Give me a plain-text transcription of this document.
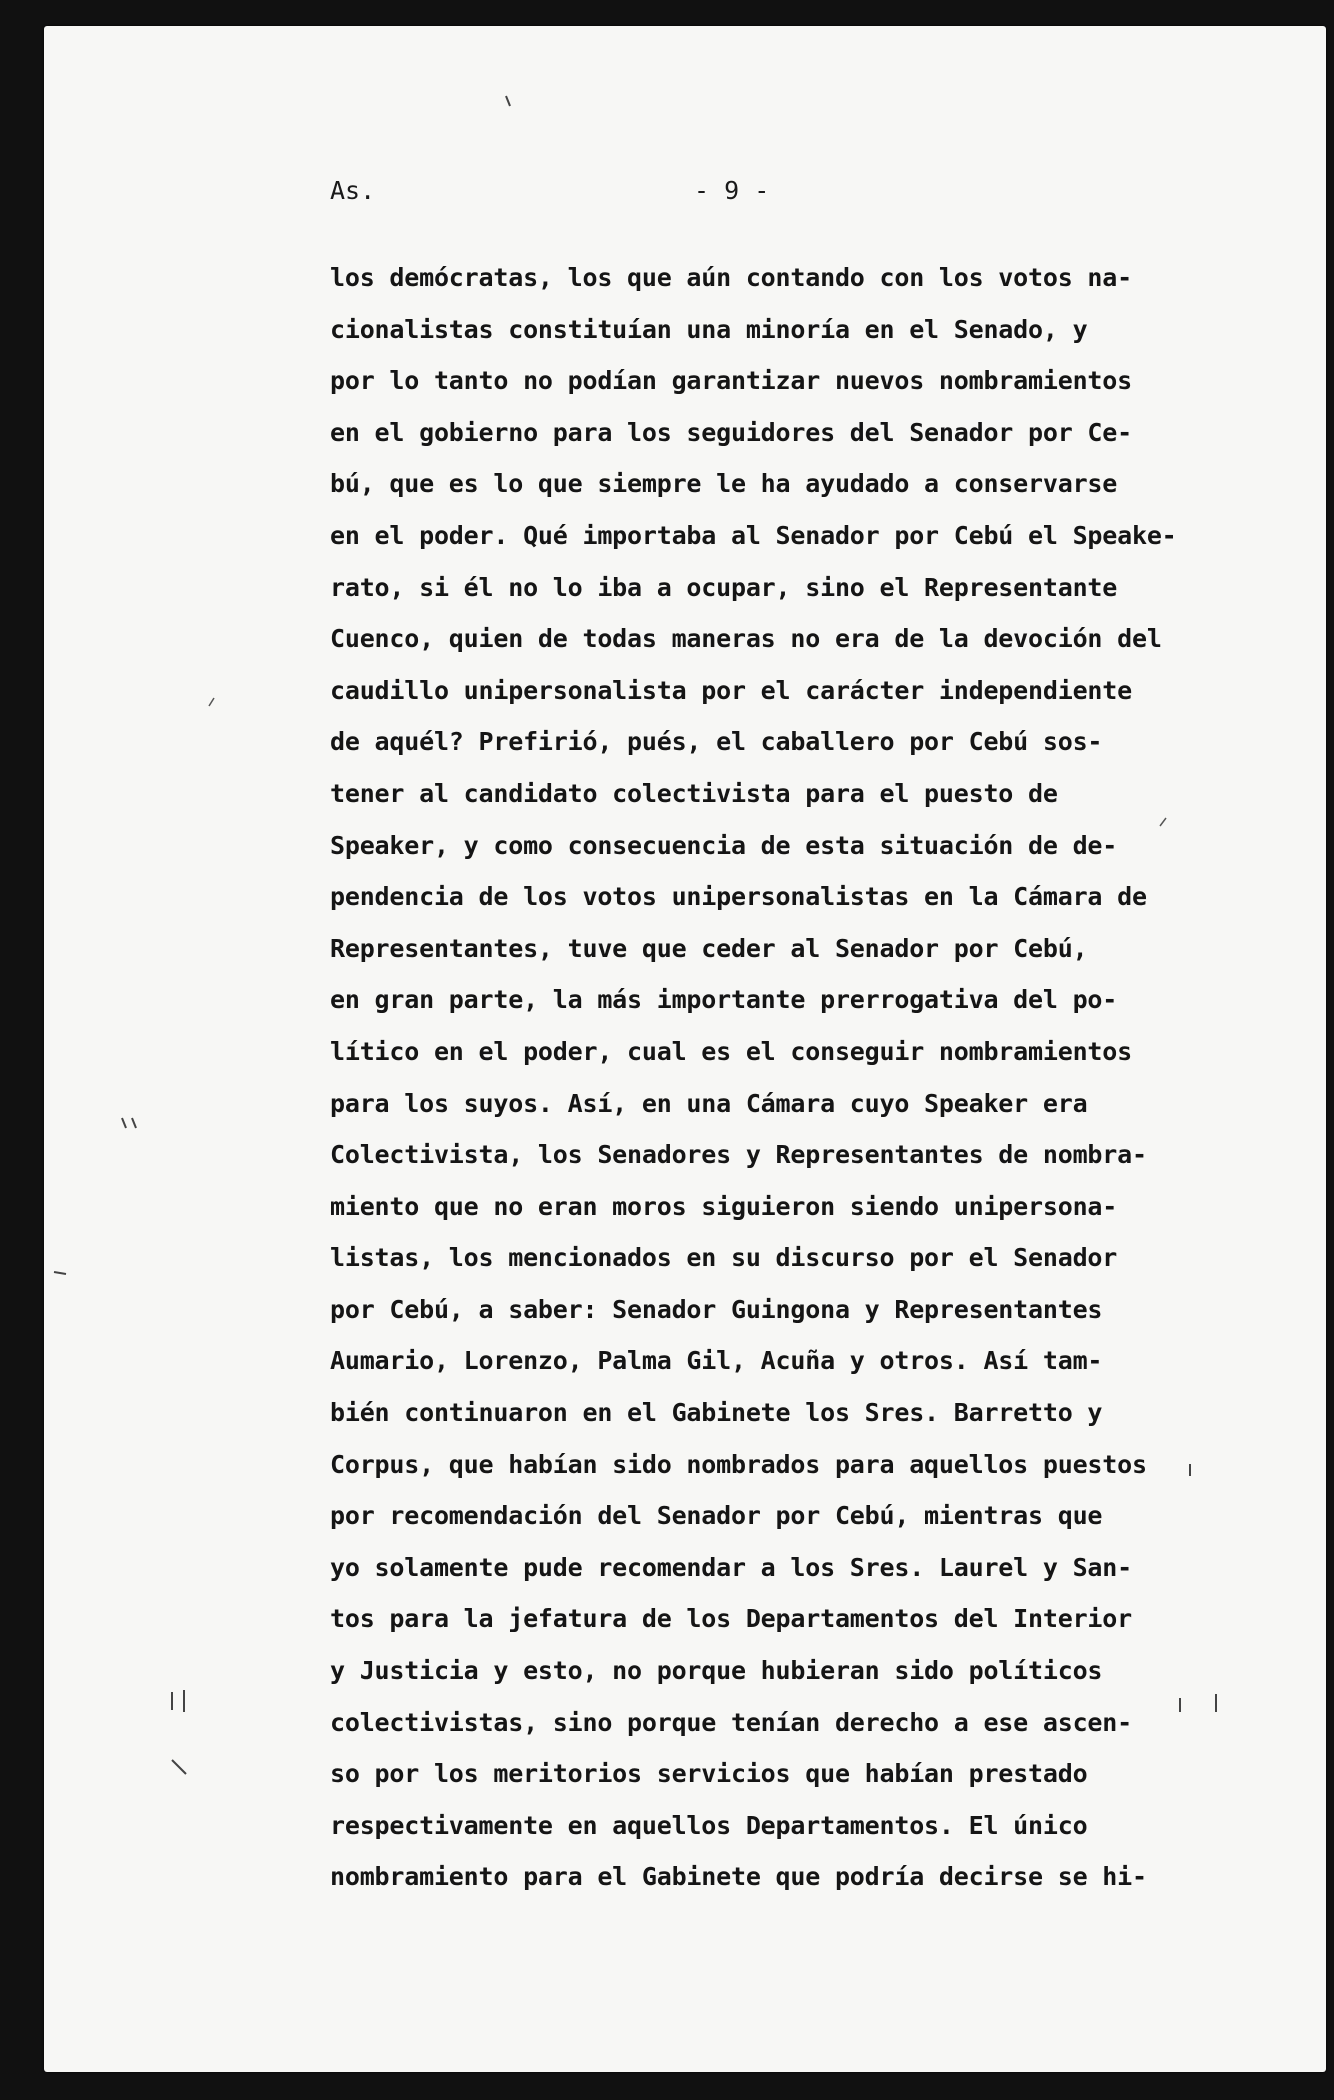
As.	- 9 -
los demócratas, los que aún contando con los votos na-
cionalistas constituían una minoría en el Senado, y
por lo tanto no podían garantizar nuevos nombramientos
en el gobierno para los seguidores del Senador por Ce-
bú, que es lo que siempre le ha ayudado a conservarse
en el poder. Qué importaba al Senador por Cebú el Speake-
rato, si él no lo iba a ocupar, sino el Representante
Cuenco, quien de todas maneras no era de la devoción del
caudillo unipersonalista por el carácter independiente
de aquél? Prefirió, pués, el caballero por Cebú sos-
tener al candidato colectivista para el puesto de
Speaker, y como consecuencia de esta situación de de-
pendencia de los votos unipersonalistas en la Cámara de
Representantes, tuve que ceder al Senador por Cebú,
en gran parte, la más importante prerrogativa del po-
lítico en el poder, cual es el conseguir nombramientos
para los suyos. Así, en una Cámara cuyo Speaker era
Colectivista, los Senadores y Representantes de nombra-
miento que no eran moros siguieron siendo unipersona-
listas, los mencionados en su discurso por el Senador
por Cebú, a saber: Senador Guingona y Representantes
Aumario, Lorenzo, Palma Gil, Acuña y otros. Así tam-
bién continuaron en el Gabinete los Sres. Barretto y
Corpus, que habían sido nombrados para aquellos puestos
por recomendación del Senador por Cebú, mientras que
yo solamente pude recomendar a los Sres. Laurel y San-
tos para la jefatura de los Departamentos del Interior
y Justicia y esto, no porque hubieran sido políticos
colectivistas, sino porque tenían derecho a ese ascen-
so por los meritorios servicios que habían prestado
respectivamente en aquellos Departamentos. El único
nombramiento para el Gabinete que podría decirse se hi-
